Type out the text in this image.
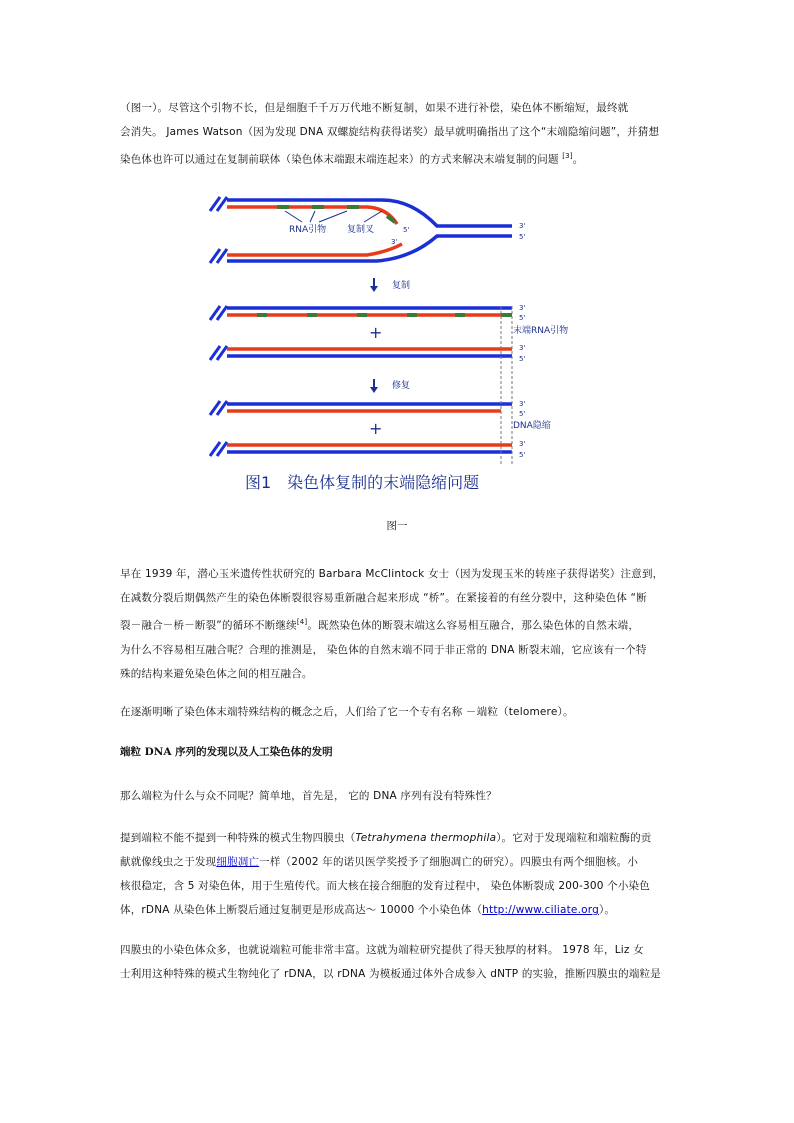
（图一）。尽管这个引物不长，但是细胞千千万万代地不断复制，如果不进行补偿，染色体不断缩短，最终就
会消失。 James Watson（因为发现 DNA 双螺旋结构获得诺奖）最早就明确指出了这个“末端隐缩问题”，并猜想
染色体也许可以通过在复制前联体（染色体末端跟末端连起来）的方式来解决末端复制的问题 [3]。
RNA引物 复制叉	5'
3'
3'
5'
复制
+
3'
5'
末端RNA引物
3'
5'
修复
+
3'
5'
DNA隐缩
3'
5'
图1　染色体复制的末端隐缩问题
图一
早在 1939 年，潜心玉米遗传性状研究的 Barbara McClintock 女士（因为发现玉米的转座子获得诺奖）注意到，
在减数分裂后期偶然产生的染色体断裂很容易重新融合起来形成 “桥”。在紧接着的有丝分裂中，这种染色体 “断
裂－融合－桥－断裂”的循环不断继续[4]。既然染色体的断裂末端这么容易相互融合，那么染色体的自然末端，
为什么不容易相互融合呢？合理的推测是， 染色体的自然末端不同于非正常的 DNA 断裂末端，它应该有一个特
殊的结构来避免染色体之间的相互融合。
在逐渐明晰了染色体末端特殊结构的概念之后，人们给了它一个专有名称 －端粒（telomere）。
端粒 DNA 序列的发现以及人工染色体的发明
那么端粒为什么与众不同呢？简单地，首先是， 它的 DNA 序列有没有特殊性？
提到端粒不能不提到一种特殊的模式生物四膜虫（Tetrahymena thermophila）。它对于发现端粒和端粒酶的贡
献就像线虫之于发现细胞凋亡一样（2002 年的诺贝医学奖授予了细胞凋亡的研究）。四膜虫有两个细胞核。小
核很稳定，含 5 对染色体，用于生殖传代。而大核在接合细胞的发育过程中， 染色体断裂成 200-300 个小染色
体，rDNA 从染色体上断裂后通过复制更是形成高达～ 10000 个小染色体（http://www.ciliate.org）。
四膜虫的小染色体众多，也就说端粒可能非常丰富。这就为端粒研究提供了得天独厚的材料。 1978 年，Liz 女
士利用这种特殊的模式生物纯化了 rDNA，以 rDNA 为模板通过体外合成参入 dNTP 的实验，推断四膜虫的端粒是
